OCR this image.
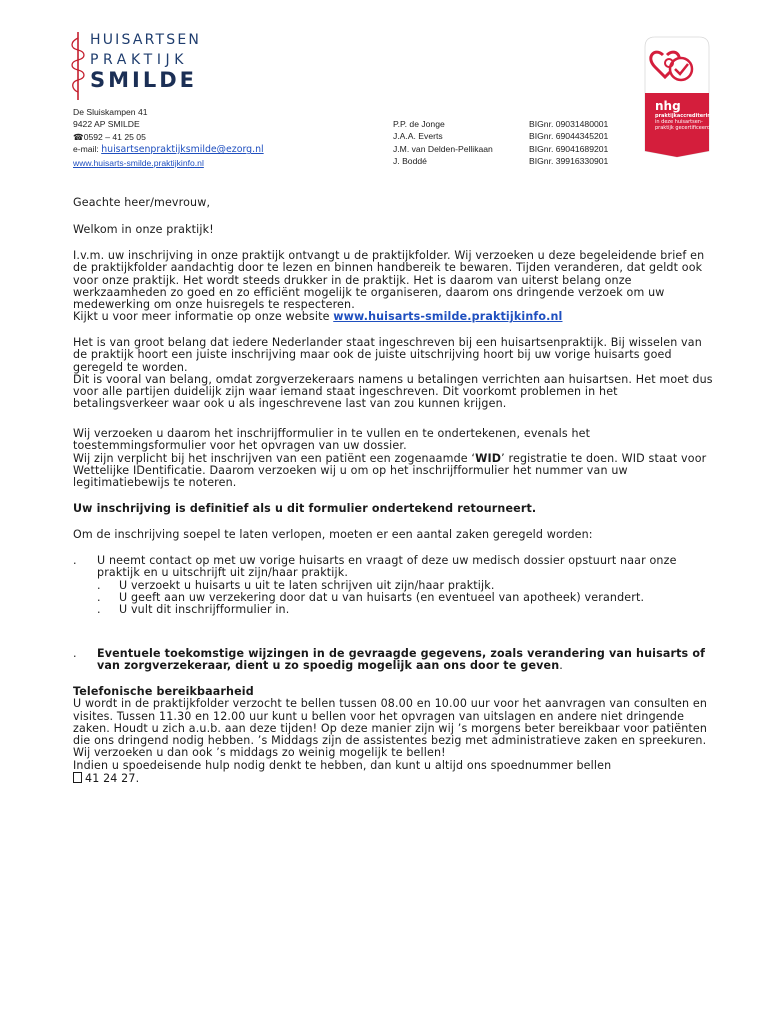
HUISARTSEN
PRAKTIJK
SMILDE
nhg
praktijkaccreditering
in deze huisartsen-
praktijk gecertificeerd
De Sluiskampen 41
9422 AP SMILDE
☎0592 – 41 25 05
e-mail: huisartsenpraktijksmilde@ezorg.nl
www.huisarts-smilde.praktijkinfo.nl
P.P. de Jonge
J.A.A. Everts
J.M. van Delden-Pellikaan
J. Boddé
BIGnr. 09031480001
BIGnr. 69044345201
BIGnr. 69041689201
BIGnr. 39916330901
Geachte heer/mevrouw,
Welkom in onze praktijk!

I.v.m. uw inschrijving in onze praktijk ontvangt u de praktijkfolder. Wij verzoeken u deze begeleidende brief en de praktijkfolder aandachtig door te lezen en binnen handbereik te bewaren. Tijden veranderen, dat geldt ook voor onze praktijk. Het wordt steeds drukker in de praktijk. Het is daarom van uiterst belang onze werkzaamheden zo goed en zo efficiënt mogelijk te organiseren, daarom ons dringende verzoek om uw medewerking om onze huisregels te respecteren.

Kijkt u voor meer informatie op onze website www.huisarts-smilde.praktijkinfo.nl

Het is van groot belang dat iedere Nederlander staat ingeschreven bij een huisartsenpraktijk. Bij wisselen van de praktijk hoort een juiste inschrijving maar ook de juiste uitschrijving hoort bij uw vorige huisarts goed geregeld te worden.

Dit is vooral van belang, omdat zorgverzekeraars namens u betalingen verrichten aan huisartsen. Het moet dus voor alle partijen duidelijk zijn waar iemand staat ingeschreven. Dit voorkomt problemen in het betalingsverkeer waar ook u als ingeschrevene last van zou kunnen krijgen.

Wij verzoeken u daarom het inschrijfformulier in te vullen en te ondertekenen, evenals het toestemmingsformulier voor het opvragen van uw dossier.

Wij zijn verplicht bij het inschrijven van een patiënt een zogenaamde ‘WID’ registratie te doen. WID staat voor Wettelijke IDentificatie. Daarom verzoeken wij u om op het inschrijfformulier het nummer van uw legitimatiebewijs te noteren.

Uw inschrijving is definitief als u dit formulier ondertekend retourneert.
Om de inschrijving soepel te laten verlopen, moeten er een aantal zaken geregeld worden:
. U neemt contact op met uw vorige huisarts en vraagt of deze uw medisch dossier opstuurt naar onze praktijk en u uitschrijft uit zijn/haar praktijk.
. U verzoekt u huisarts u uit te laten schrijven uit zijn/haar praktijk.
. U geeft aan uw verzekering door dat u van huisarts (en eventueel van apotheek) verandert.
. U vult dit inschrijfformulier in.
. Eventuele toekomstige wijzingen in de gevraagde gegevens, zoals verandering van huisarts of van zorgverzekeraar, dient u zo spoedig mogelijk aan ons door te geven.
Telefonische bereikbaarheid

U wordt in de praktijkfolder verzocht te bellen tussen 08.00 en 10.00 uur voor het aanvragen van consulten en visites. Tussen 11.30 en 12.00 uur kunt u bellen voor het opvragen van uitslagen en andere niet dringende zaken. Houdt u zich a.u.b. aan deze tijden! Op deze manier zijn wij ’s morgens beter bereikbaar voor patiënten die ons dringend nodig hebben. ’s Middags zijn de assistentes bezig met administratieve zaken en spreekuren. Wij verzoeken u dan ook ’s middags zo weinig mogelijk te bellen!

Indien u spoedeisende hulp nodig denkt te hebben, dan kunt u altijd ons spoednummer bellen

41 24 27.
